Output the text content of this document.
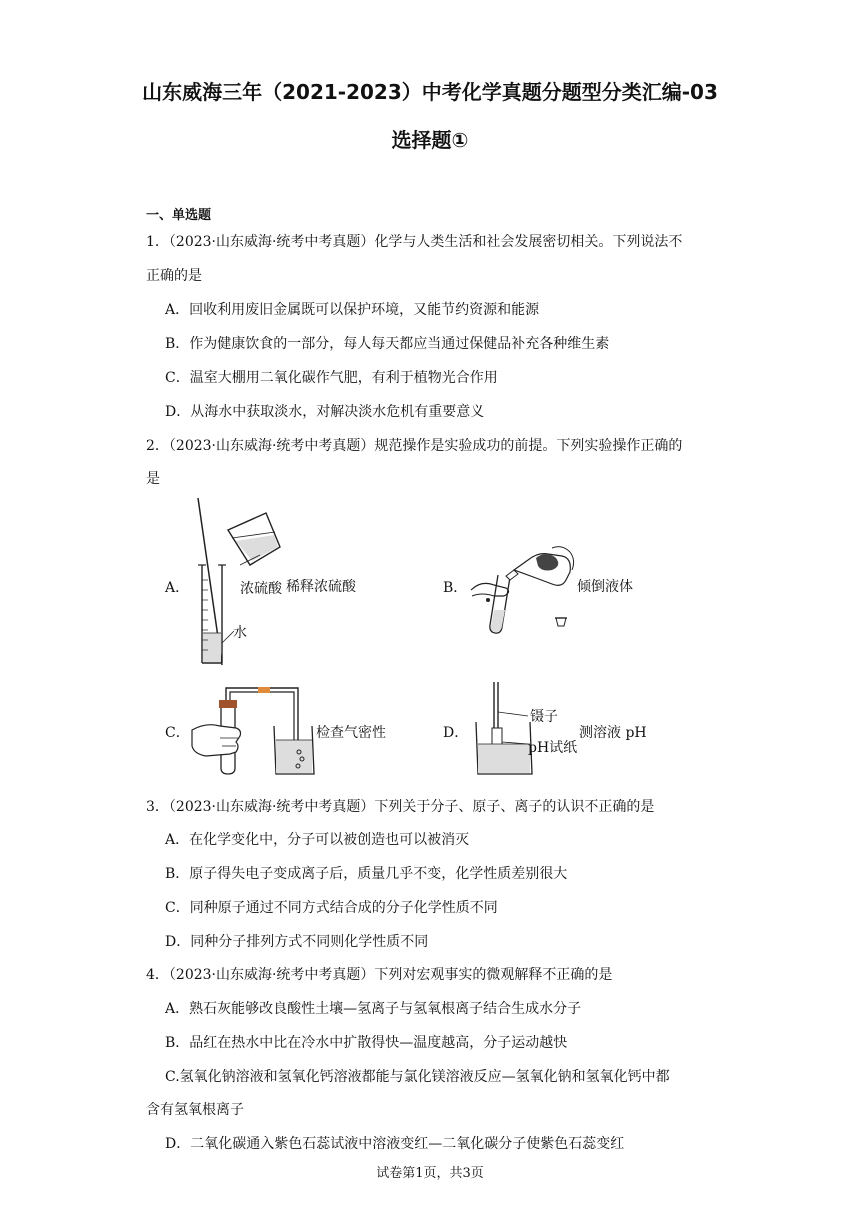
山东威海三年（2021-2023）中考化学真题分题型分类汇编-03
选择题①
一、单选题
1．（2023·山东威海·统考中考真题）化学与人类生活和社会发展密切相关。下列说法不
正确的是
A．回收利用废旧金属既可以保护环境，又能节约资源和能源
B．作为健康饮食的一部分，每人每天都应当通过保健品补充各种维生素
C．温室大棚用二氧化碳作气肥，有利于植物光合作用
D．从海水中获取淡水，对解决淡水危机有重要意义
2．（2023·山东威海·统考中考真题）规范操作是实验成功的前提。下列实验操作正确的
是
A．	浓硫酸 稀释浓硫酸
水
B．	倾倒液体
C．	检查气密性	D．
镊子
pH试纸
测溶液 pH
3．（2023·山东威海·统考中考真题）下列关于分子、原子、离子的认识不正确的是
A．在化学变化中，分子可以被创造也可以被消灭
B．原子得失电子变成离子后，质量几乎不变，化学性质差别很大
C．同种原子通过不同方式结合成的分子化学性质不同
D．同种分子排列方式不同则化学性质不同
4．（2023·山东威海·统考中考真题）下列对宏观事实的微观解释不正确的是
A．熟石灰能够改良酸性土壤—氢离子与氢氧根离子结合生成水分子
B．品红在热水中比在冷水中扩散得快—温度越高，分子运动越快
C.氢氧化钠溶液和氢氧化钙溶液都能与氯化镁溶液反应—氢氧化钠和氢氧化钙中都
含有氢氧根离子
D．二氧化碳通入紫色石蕊试液中溶液变红—二氧化碳分子使紫色石蕊变红
试卷第1页，共3页
